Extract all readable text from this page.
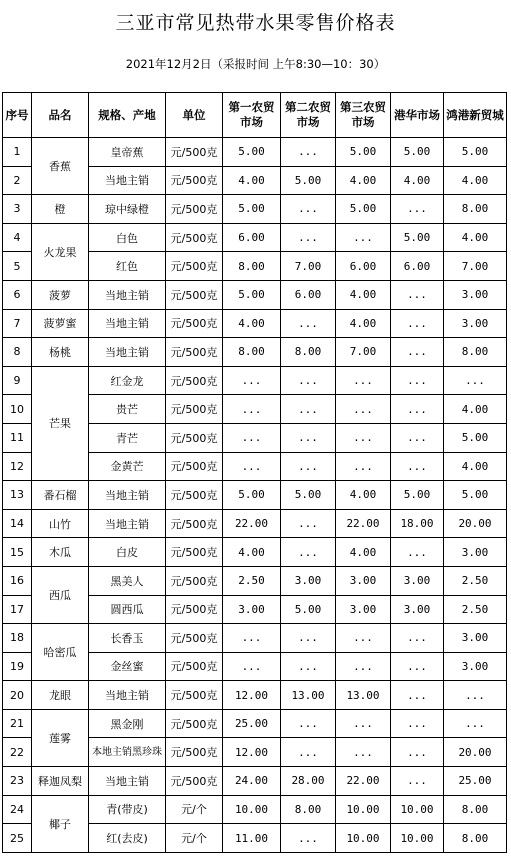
三亚市常见热带水果零售价格表
2021年12月2日（采报时间 上午8:30—10：30）
序号	品名	规格、产地	单位	第一农贸市场	第二农贸市场	第三农贸市场	港华市场	鸿港新贸城
1	香蕉	皇帝蕉	元/500克	5.00	...	5.00	5.00	5.00
2		当地主销	元/500克	4.00	5.00	4.00	4.00	4.00
3	橙	琼中绿橙	元/500克	5.00	...	5.00	...	8.00
4	火龙果	白色	元/500克	6.00	...	...	5.00	4.00
5		红色	元/500克	8.00	7.00	6.00	6.00	7.00
6	菠萝	当地主销	元/500克	5.00	6.00	4.00	...	3.00
7	菠萝蜜	当地主销	元/500克	4.00	...	4.00	...	3.00
8	杨桃	当地主销	元/500克	8.00	8.00	7.00	...	8.00
9	芒果	红金龙	元/500克	...	...	...	...	...
10		贵芒	元/500克	...	...	...	...	4.00
11		青芒	元/500克	...	...	...	...	5.00
12		金黄芒	元/500克	...	...	...	...	4.00
13	番石榴	当地主销	元/500克	5.00	5.00	4.00	5.00	5.00
14	山竹	当地主销	元/500克	22.00	...	22.00	18.00	20.00
15	木瓜	白皮	元/500克	4.00	...	4.00	...	3.00
16	西瓜	黑美人	元/500克	2.50	3.00	3.00	3.00	2.50
17		圆西瓜	元/500克	3.00	5.00	3.00	3.00	2.50
18	哈密瓜	长香玉	元/500克	...	...	...	...	3.00
19		金丝蜜	元/500克	...	...	...	...	3.00
20	龙眼	当地主销	元/500克	12.00	13.00	13.00	...	...
21	莲雾	黑金刚	元/500克	25.00	...	...	...	...
22		本地主销黑珍珠	元/500克	12.00	...	...	...	20.00
23	释迦凤梨	当地主销	元/500克	24.00	28.00	22.00	...	25.00
24	椰子	青(带皮)	元/个	10.00	8.00	10.00	10.00	8.00
25		红(去皮)	元/个	11.00	...	10.00	10.00	8.00
